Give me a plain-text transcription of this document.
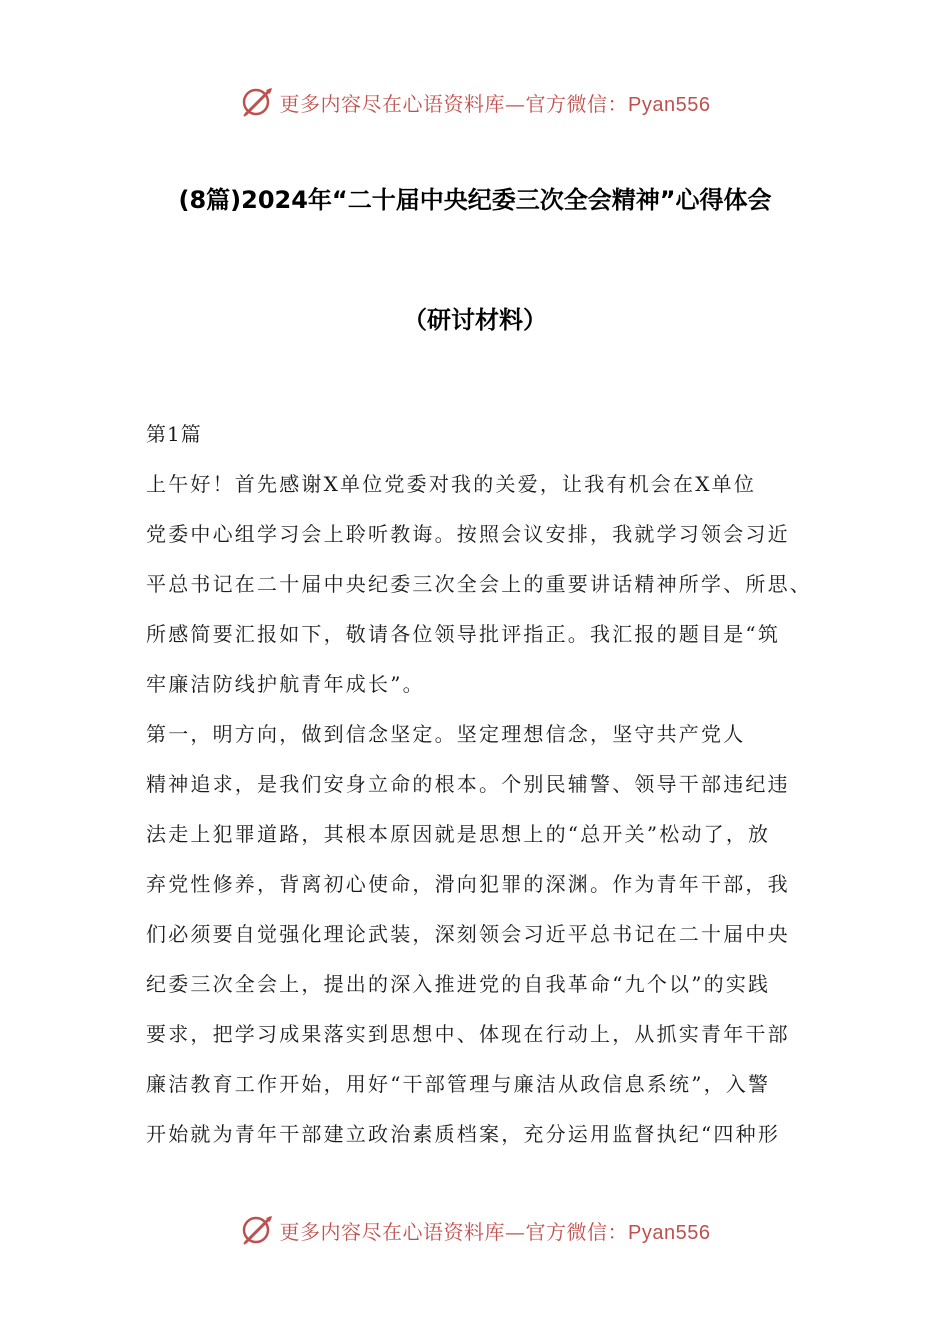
更多内容尽在心语资料库—官方微信：Pyan556
(8篇)2024年“二十届中央纪委三次全会精神”心得体会
（研讨材料）
第1篇
上午好！首先感谢X单位党委对我的关爱，让我有机会在X单位
党委中心组学习会上聆听教诲。按照会议安排，我就学习领会习近
平总书记在二十届中央纪委三次全会上的重要讲话精神所学、所思、
所感简要汇报如下，敬请各位领导批评指正。我汇报的题目是“筑
牢廉洁防线护航青年成长”。
第一，明方向，做到信念坚定。坚定理想信念，坚守共产党人
精神追求，是我们安身立命的根本。个别民辅警、领导干部违纪违
法走上犯罪道路，其根本原因就是思想上的“总开关”松动了，放
弃党性修养，背离初心使命，滑向犯罪的深渊。作为青年干部，我
们必须要自觉强化理论武装，深刻领会习近平总书记在二十届中央
纪委三次全会上，提出的深入推进党的自我革命“九个以”的实践
要求，把学习成果落实到思想中、体现在行动上，从抓实青年干部
廉洁教育工作开始，用好“干部管理与廉洁从政信息系统”，入警
开始就为青年干部建立政治素质档案，充分运用监督执纪“四种形
更多内容尽在心语资料库—官方微信：Pyan556
